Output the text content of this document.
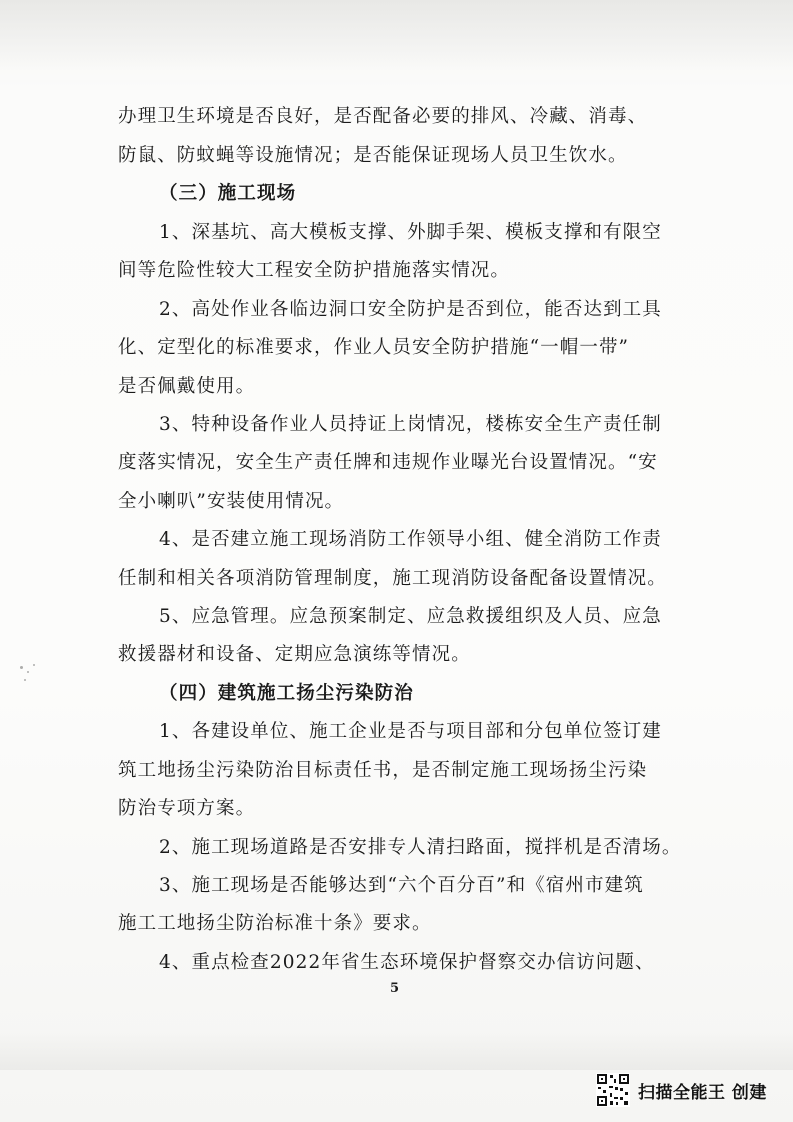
办理卫生环境是否良好，是否配备必要的排风、冷藏、消毒、
防鼠、防蚊蝇等设施情况；是否能保证现场人员卫生饮水。
（三）施工现场
1、深基坑、高大模板支撑、外脚手架、模板支撑和有限空
间等危险性较大工程安全防护措施落实情况。
2、高处作业各临边洞口安全防护是否到位，能否达到工具
化、定型化的标准要求，作业人员安全防护措施“一帽一带”
是否佩戴使用。
3、特种设备作业人员持证上岗情况，楼栋安全生产责任制
度落实情况，安全生产责任牌和违规作业曝光台设置情况。“安
全小喇叭”安装使用情况。
4、是否建立施工现场消防工作领导小组、健全消防工作责
任制和相关各项消防管理制度，施工现消防设备配备设置情况。
5、应急管理。应急预案制定、应急救援组织及人员、应急
救援器材和设备、定期应急演练等情况。
（四）建筑施工扬尘污染防治
1、各建设单位、施工企业是否与项目部和分包单位签订建
筑工地扬尘污染防治目标责任书，是否制定施工现场扬尘污染
防治专项方案。
2、施工现场道路是否安排专人清扫路面，搅拌机是否清场。
3、施工现场是否能够达到“六个百分百”和《宿州市建筑
施工工地扬尘防治标准十条》要求。
4、重点检查2022年省生态环境保护督察交办信访问题、
5
扫描全能王 创建
